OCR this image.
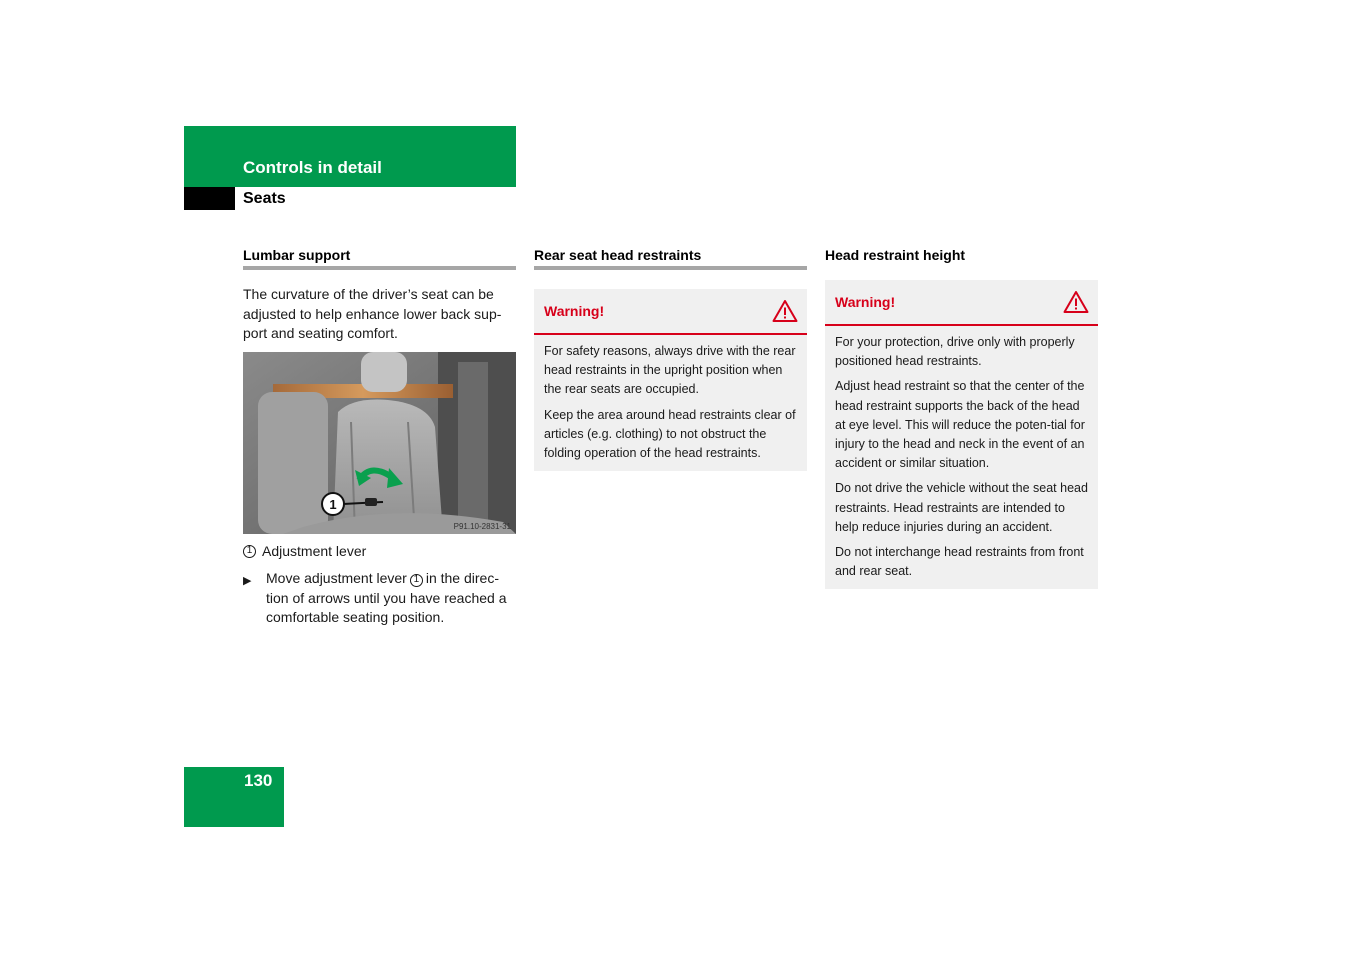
Controls in detail
Seats
Lumbar support

The curvature of the driver’s seat can be adjusted to help enhance lower back sup-port and seating comfort.

1
P91.10-2831-31
1 Adjustment lever
▶	Move adjustment lever 1 in the direc-tion of arrows until you have reached a comfortable seating position.
Rear seat head restraints
Warning!

For safety reasons, always drive with the rear head restraints in the upright position when the rear seats are occupied.

Keep the area around head restraints clear of articles (e.g. clothing) to not obstruct the folding operation of the head restraints.

Head restraint height
Warning!

For your protection, drive only with properly positioned head restraints.

Adjust head restraint so that the center of the head restraint supports the back of the head at eye level. This will reduce the poten-tial for injury to the head and neck in the event of an accident or similar situation.

Do not drive the vehicle without the seat head restraints. Head restraints are intended to help reduce injuries during an accident.

Do not interchange head restraints from front and rear seat.

130
